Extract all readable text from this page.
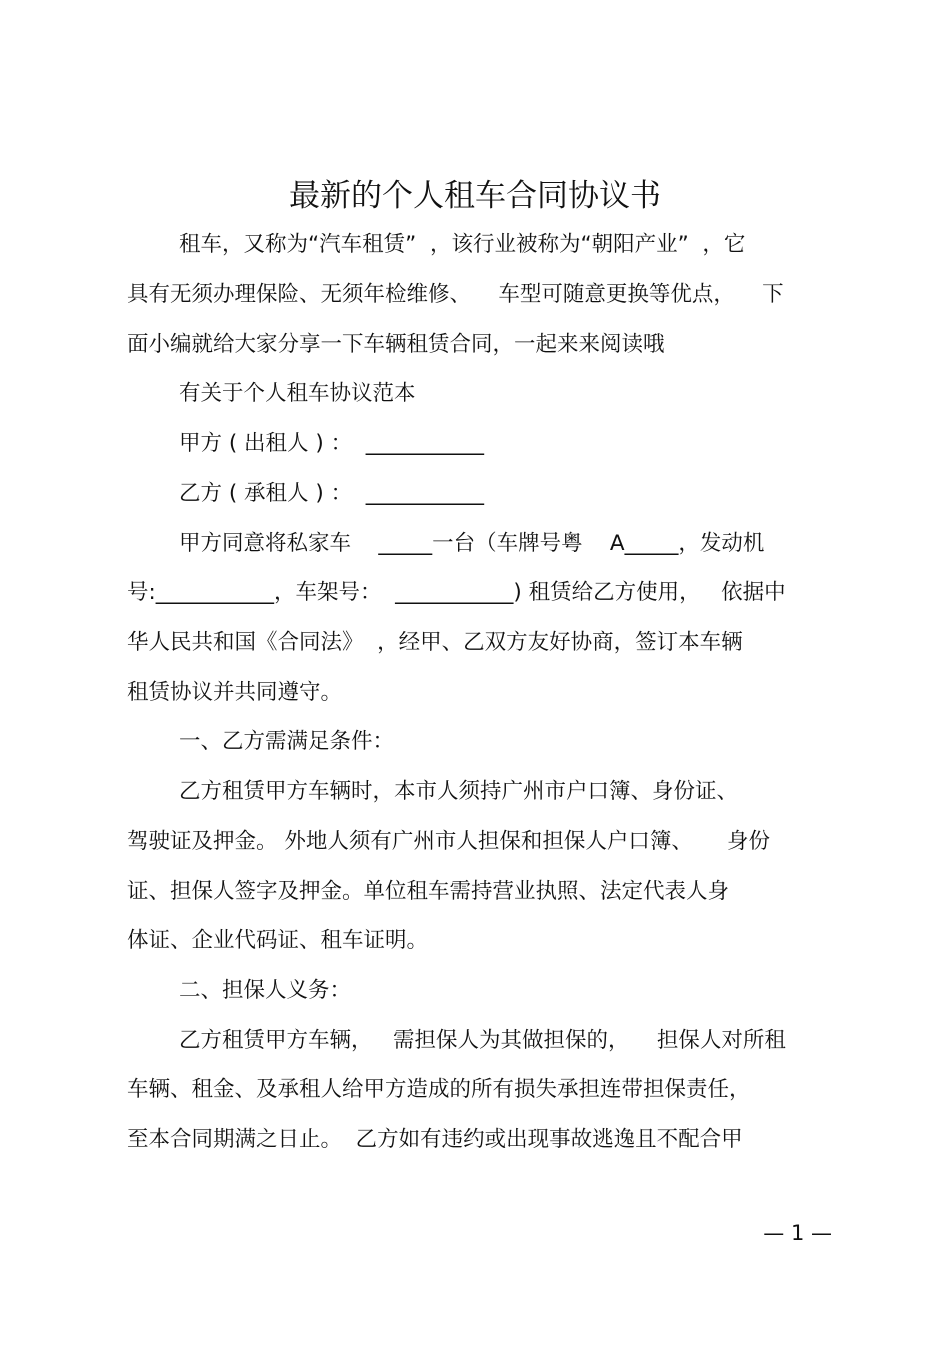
最新的个人租车合同协议书
租车，又称为“汽车租赁”  ，该行业被称为“朝阳产业”  ，它
具有无须办理保险、无须年检维修、    车型可随意更换等优点，    下
面小编就给大家分享一下车辆租赁合同，一起来来阅读哦
有关于个人租车协议范本
甲方 ( 出租人 ) ：  ___________
乙方 ( 承租人 ) ：  ___________
甲方同意将私家车    _____一台（车牌号粤    A_____，发动机
号:___________，车架号：  ___________) 租赁给乙方使用，   依据中
华人民共和国《合同法》  ，经甲、乙双方友好协商，签订本车辆
租赁协议并共同遵守。
一、乙方需满足条件：
乙方租赁甲方车辆时，本市人须持广州市户口簿、身份证、
驾驶证及押金。 外地人须有广州市人担保和担保人户口簿、     身份
证、担保人签字及押金。单位租车需持营业执照、法定代表人身
体证、企业代码证、租车证明。
二、担保人义务：
乙方租赁甲方车辆，   需担保人为其做担保的，    担保人对所租
车辆、租金、及承租人给甲方造成的所有损失承担连带担保责任，
至本合同期满之日止。  乙方如有违约或出现事故逃逸且不配合甲
— 1 —
